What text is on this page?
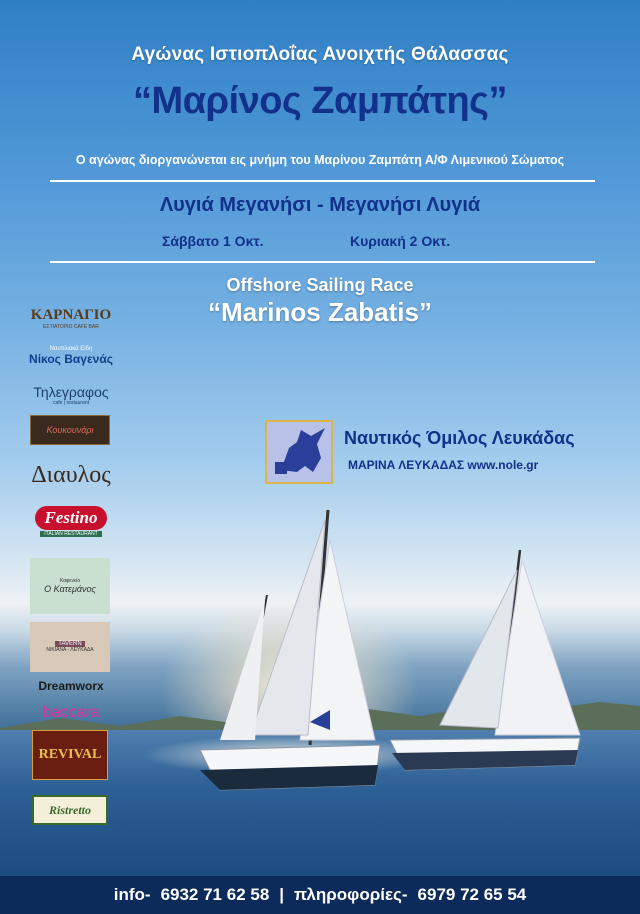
Αγώνας Ιστιοπλοΐας Ανοιχτής Θάλασσας
“Μαρίνος Ζαμπάτης”
Ο αγώνας διοργανώνεται εις μνήμη του Μαρίνου Ζαμπάτη Α/Φ Λιμενικού Σώματος
Λυγιά Μεγανήσι - Μεγανήσι Λυγιά
Σάββατο 1 Οκτ.	Κυριακή 2 Οκτ.
Offshore Sailing Race
“Marinos Zabatis”
Ναυτικός Όμιλος Λευκάδας
ΜΑΡΙΝΑ ΛΕΥΚΑΔΑΣ www.nole.gr
ΚΑΡΝΑΓΙΟ
ΕΣΤΙΑΤΟΡΙΟ CAFE BAR
Ναυτιλιακά Είδη
Νίκος Βαγενάς
Τηλεγραφος
cafe | restaurant
Κουκουνάρι
Διαυλος
Festino
ITALIAN RESTAURANT
Καφενείο
Ο Κατεμάνος
TAVERN
ΝΙΚΙΑΝΑ - ΛΕΥΚΑΔΑ
Dreamworx
baccara
REVIVAL
Ristretto
info- 6932 71 62 58 | πληροφορίες- 6979 72 65 54
